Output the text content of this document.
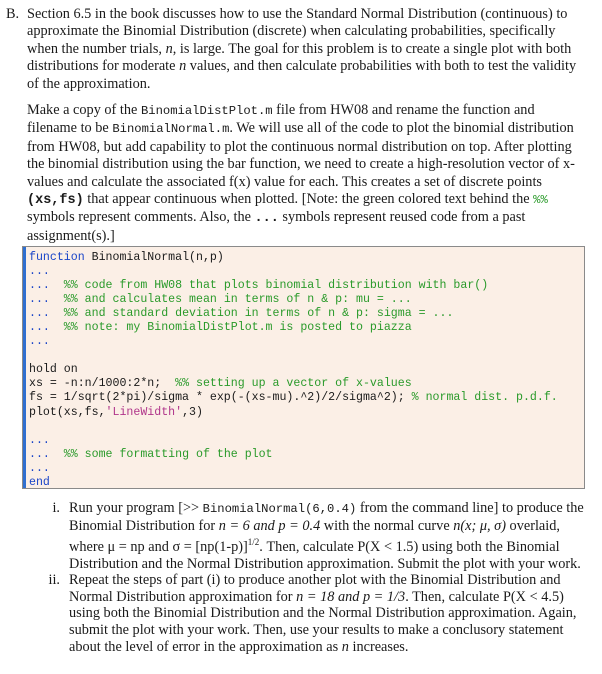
B. Section 6.5 in the book discusses how to use the Standard Normal Distribution (continuous) to approximate the Binomial Distribution (discrete) when calculating probabilities, specifically when the number trials, n, is large. The goal for this problem is to create a single plot with both distributions for moderate n values, and then calculate probabilities with both to test the validity of the approximation.
Make a copy of the BinomialDistPlot.m file from HW08 and rename the function and filename to be BinomialNormal.m. We will use all of the code to plot the binomial distribution from HW08, but add capability to plot the continuous normal distribution on top. After plotting the binomial distribution using the bar function, we need to create a high-resolution vector of x-values and calculate the associated f(x) value for each. This creates a set of discrete points (xs,fs) that appear continuous when plotted. [Note: the green colored text behind the %% symbols represent comments. Also, the ... symbols represent reused code from a past assignment(s).]
function BinomialNormal(n,p)
...
... %% code from HW08 that plots binomial distribution with bar()
... %% and calculates mean in terms of n & p: mu = ...
... %% and standard deviation in terms of n & p: sigma = ...
... %% note: my BinomialDistPlot.m is posted to piazza
...

hold on
xs = -n:n/1000:2*n;  %% setting up a vector of x-values
fs = 1/sqrt(2*pi)/sigma * exp(-(xs-mu).^2)/2/sigma^2); % normal dist. p.d.f.
plot(xs,fs,'LineWidth',3)

...
... %% some formatting of the plot
...
end
i. Run your program [>> BinomialNormal(6,0.4) from the command line] to produce the Binomial Distribution for n = 6 and p = 0.4 with the normal curve n(x; μ, σ) overlaid, where μ = np and $\sigma = [np(1-p)]^{1/2}$. Then, calculate P(X < 1.5) using both the Binomial Distribution and the Normal Distribution approximation. Submit the plot with your work.
ii. Repeat the steps of part (i) to produce another plot with the Binomial Distribution and Normal Distribution approximation for n = 18 and p = 1/3. Then, calculate P(X < 4.5) using both the Binomial Distribution and the Normal Distribution approximation. Again, submit the plot with your work. Then, use your results to make a conclusory statement about the level of error in the approximation as n increases.
